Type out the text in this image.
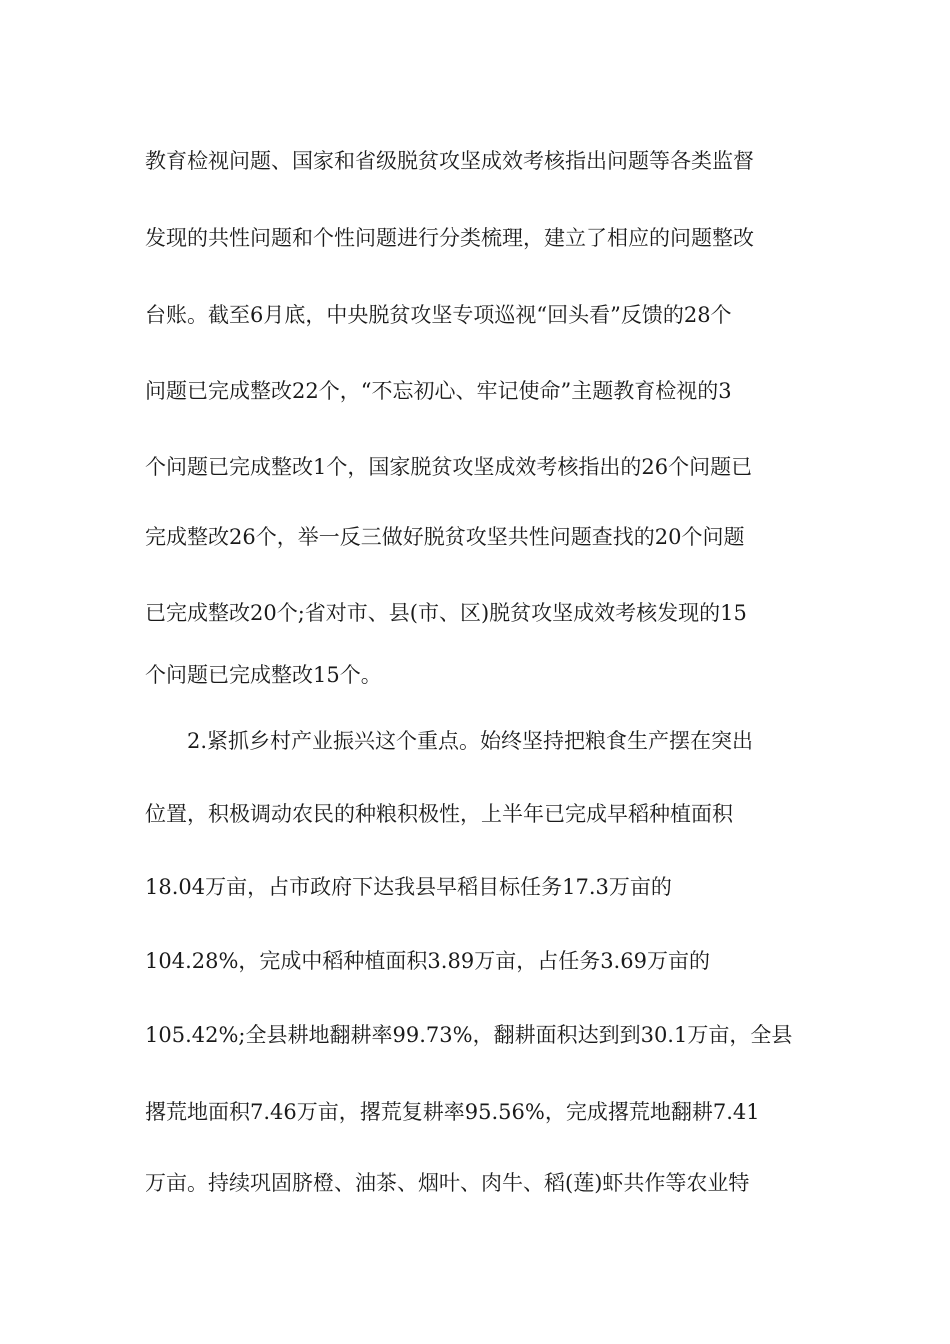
教育检视问题、国家和省级脱贫攻坚成效考核指出问题等各类监督
发现的共性问题和个性问题进行分类梳理，建立了相应的问题整改
台账。截至6月底，中央脱贫攻坚专项巡视“回头看”反馈的28个
问题已完成整改22个，“不忘初心、牢记使命”主题教育检视的3
个问题已完成整改1个，国家脱贫攻坚成效考核指出的26个问题已
完成整改26个，举一反三做好脱贫攻坚共性问题查找的20个问题
已完成整改20个;省对市、县(市、区)脱贫攻坚成效考核发现的15
个问题已完成整改15个。
2.紧抓乡村产业振兴这个重点。始终坚持把粮食生产摆在突出
位置，积极调动农民的种粮积极性，上半年已完成早稻种植面积
18.04万亩，占市政府下达我县早稻目标任务17.3万亩的
104.28%，完成中稻种植面积3.89万亩，占任务3.69万亩的
105.42%;全县耕地翻耕率99.73%，翻耕面积达到到30.1万亩，全县
撂荒地面积7.46万亩，撂荒复耕率95.56%，完成撂荒地翻耕7.41
万亩。持续巩固脐橙、油茶、烟叶、肉牛、稻(莲)虾共作等农业特
